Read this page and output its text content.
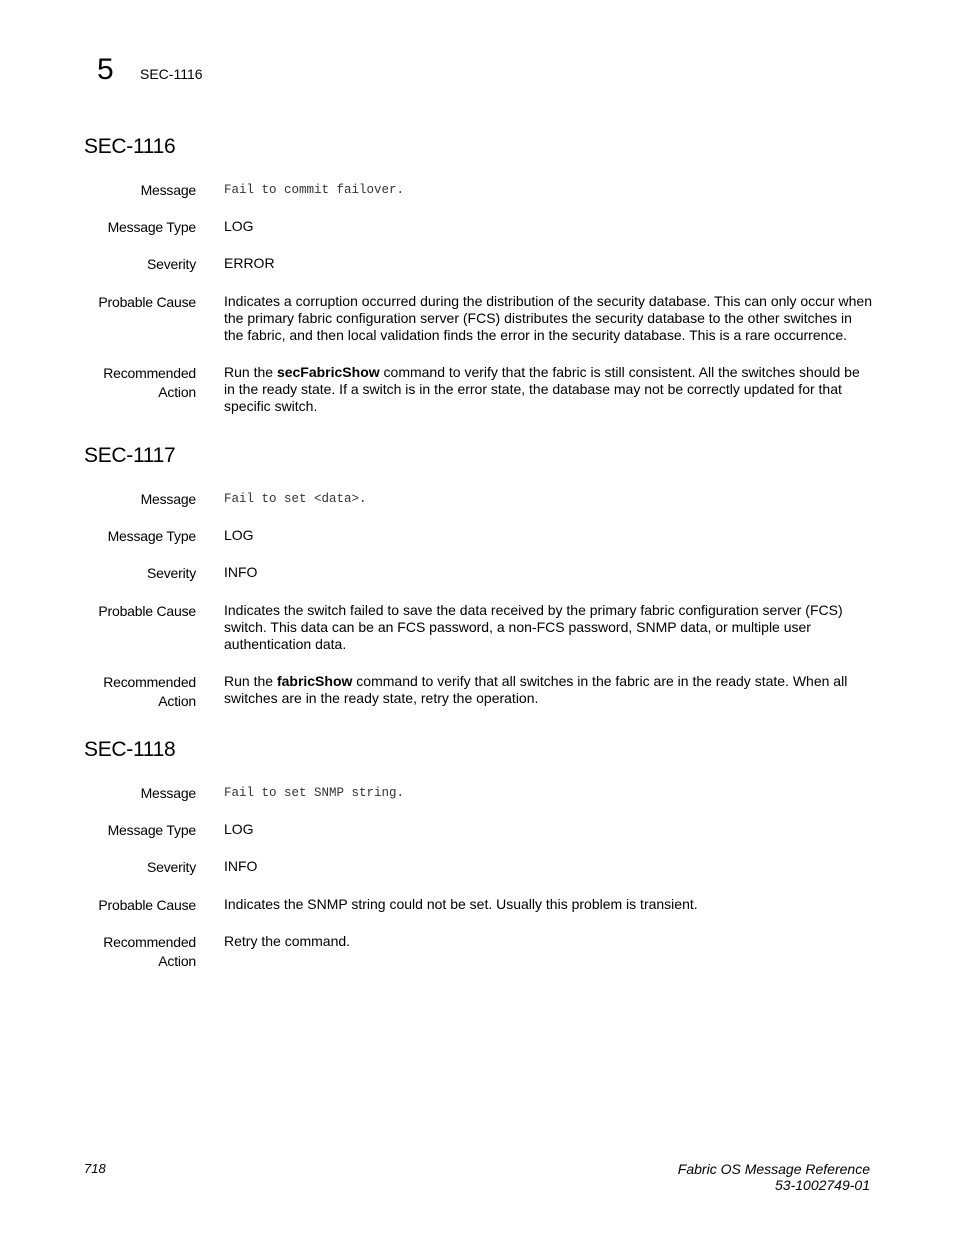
5 SEC-1116
SEC-1116
Message Fail to commit failover.
Message Type LOG
Severity ERROR
Probable Cause Indicates a corruption occurred during the distribution of the security database. This can only occur when the primary fabric configuration server (FCS) distributes the security database to the other switches in the fabric, and then local validation finds the error in the security database. This is a rare occurrence.
Recommended
Action
Run the secFabricShow command to verify that the fabric is still consistent. All the switches should be in the ready state. If a switch is in the error state, the database may not be correctly updated for that specific switch.
SEC-1117
Message Fail to set <data>.
Message Type LOG
Severity INFO
Probable Cause Indicates the switch failed to save the data received by the primary fabric configuration server (FCS) switch. This data can be an FCS password, a non-FCS password, SNMP data, or multiple user authentication data.
Recommended
Action
Run the fabricShow command to verify that all switches in the fabric are in the ready state. When all switches are in the ready state, retry the operation.
SEC-1118
Message Fail to set SNMP string.
Message Type LOG
Severity INFO
Probable Cause Indicates the SNMP string could not be set. Usually this problem is transient.
Recommended
Action
Retry the command.
718	Fabric OS Message Reference
53-1002749-01
